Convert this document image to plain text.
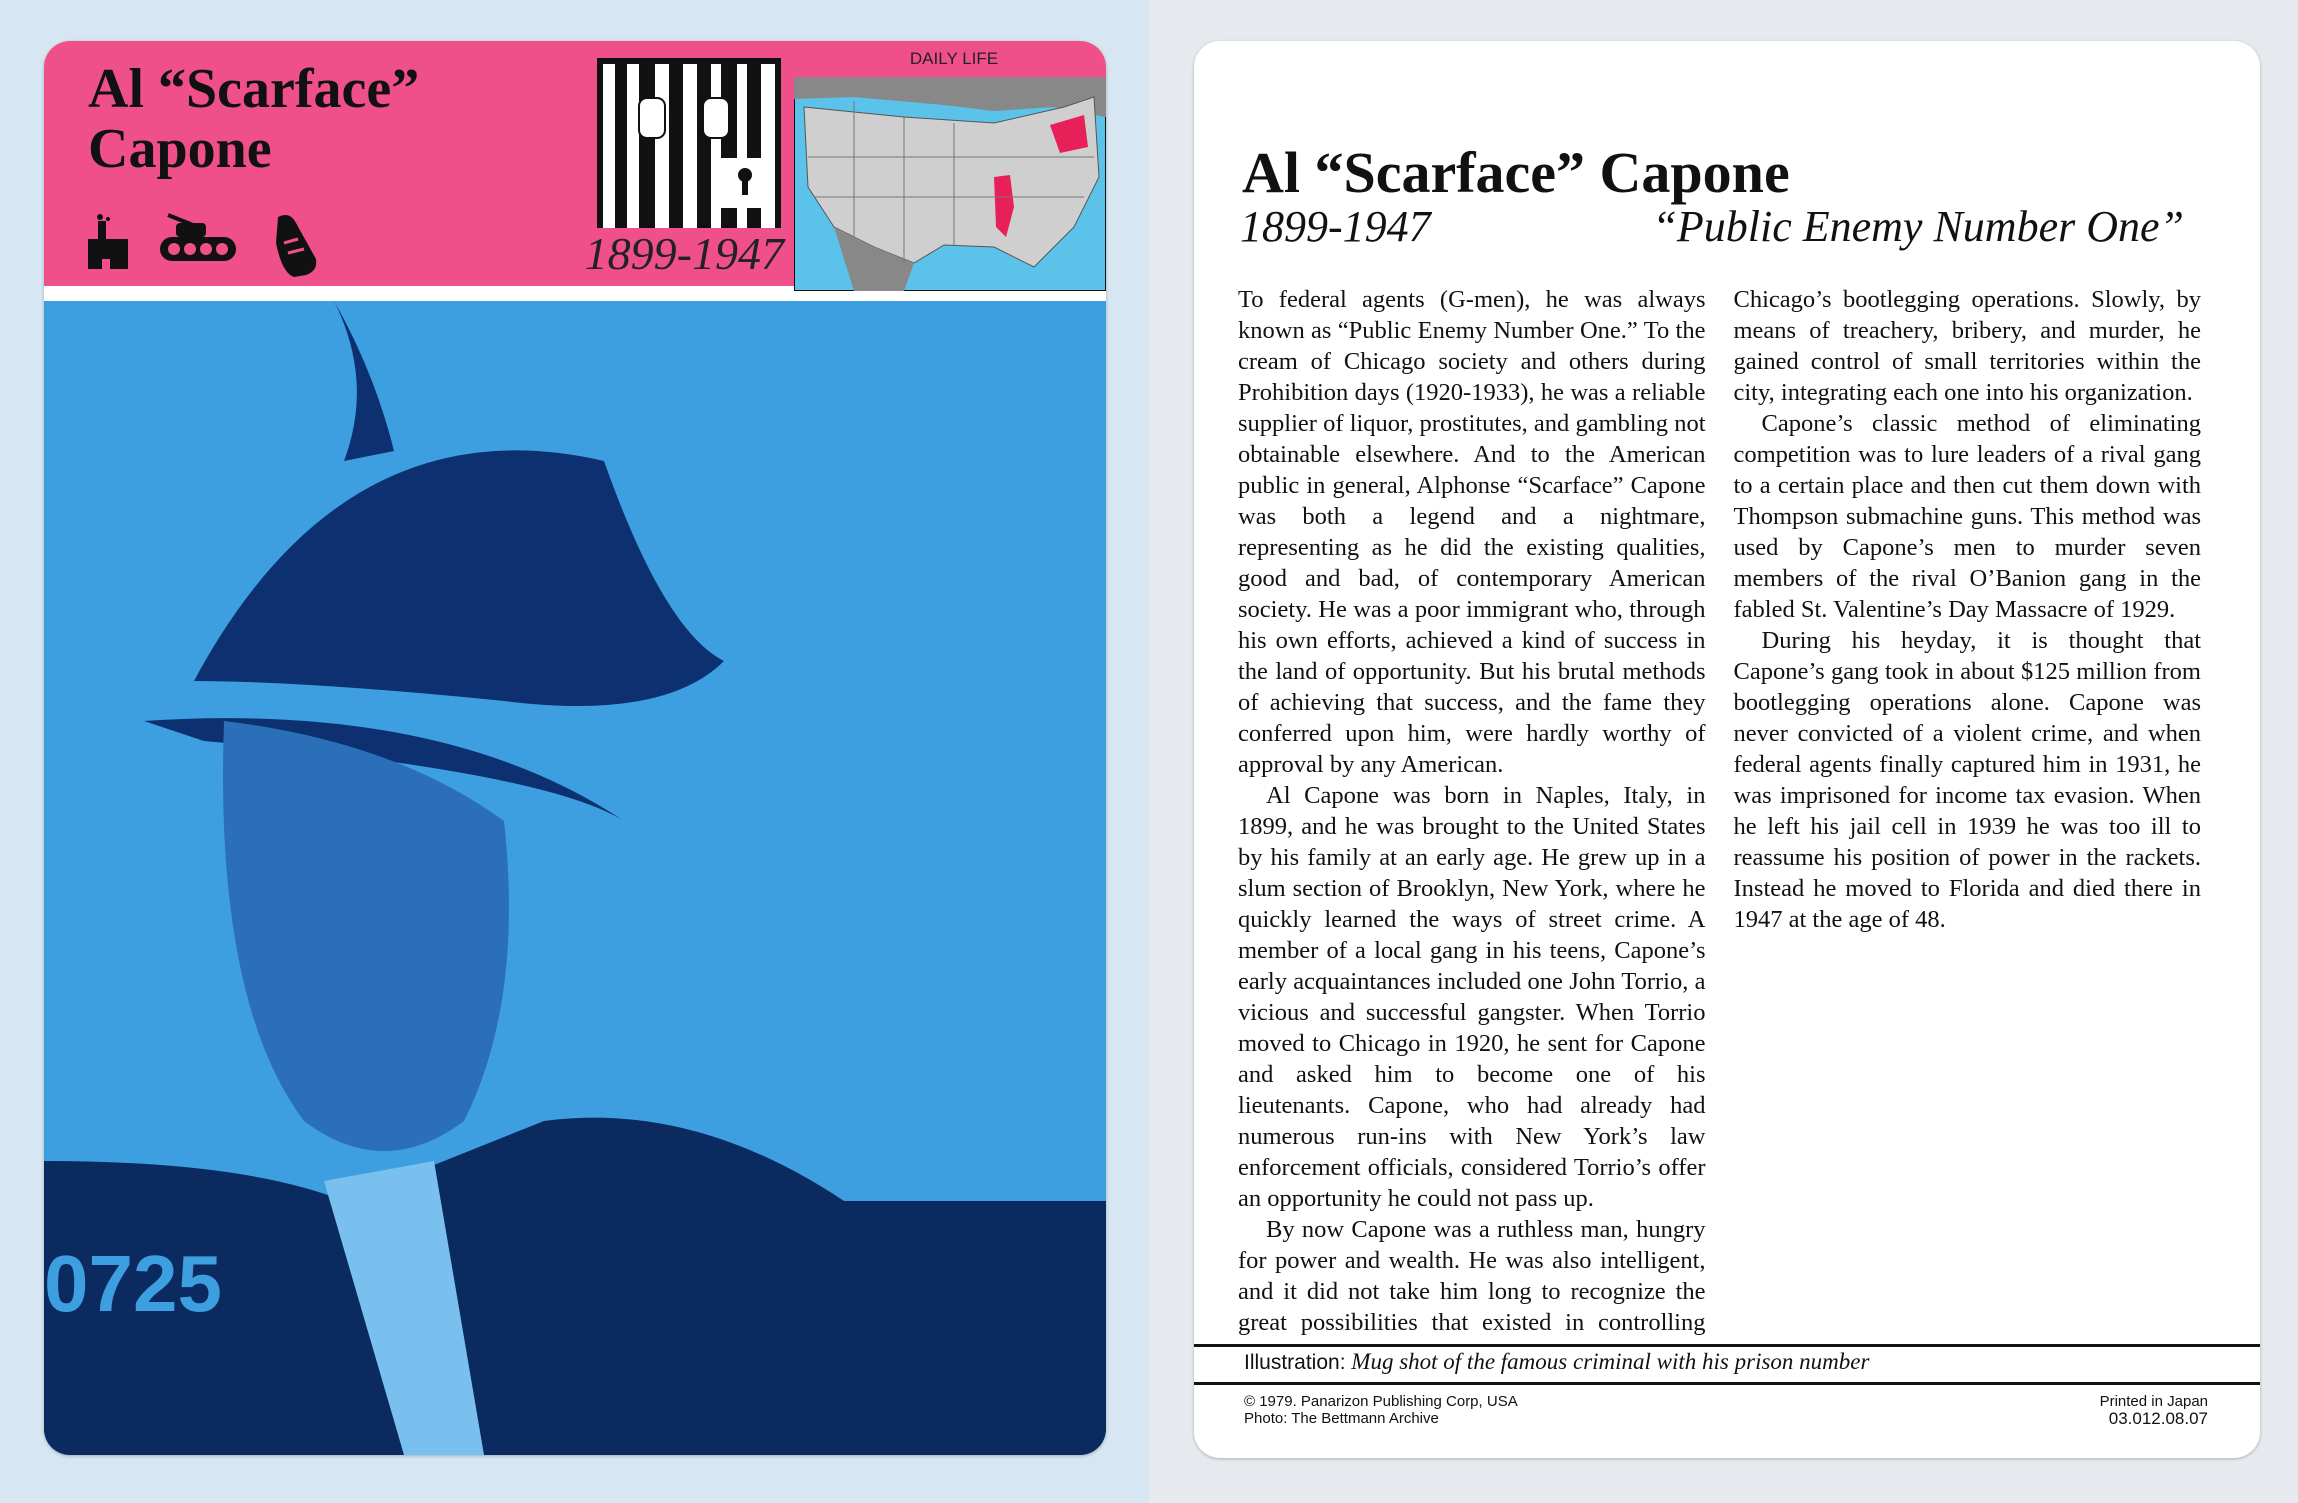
Al “Scarface”
Capone
1899-1947
DAILY LIFE
0725
Al “Scarface” Capone
1899-1947	“Public Enemy Number One”

To federal agents (G-men), he was always known as “Public Enemy Number One.” To the cream of Chicago society and others during Prohibition days (1920-1933), he was a reliable supplier of liquor, prostitutes, and gambling not obtainable elsewhere. And to the American public in general, Alphonse “Scarface” Capone was both a legend and a nightmare, representing as he did the existing qualities, good and bad, of contemporary American society. He was a poor immigrant who, through his own efforts, achieved a kind of success in the land of opportunity. But his brutal methods of achieving that success, and the fame they conferred upon him, were hardly worthy of approval by any American.

Al Capone was born in Naples, Italy, in 1899, and he was brought to the United States by his family at an early age. He grew up in a slum section of Brooklyn, New York, where he quickly learned the ways of street crime. A member of a local gang in his teens, Capone’s early acquaintances included one John Torrio, a vicious and successful gangster. When Torrio moved to Chicago in 1920, he sent for Capone and asked him to become one of his lieutenants. Capone, who had already had numerous run-ins with New York’s law enforcement officials, considered Torrio’s offer an opportunity he could not pass up.

By now Capone was a ruthless man, hungry for power and wealth. He was also intelligent, and it did not take him long to recognize the great possibilities that existed in controlling Chicago’s bootlegging operations. Slowly, by means of treachery, bribery, and murder, he gained control of small territories within the city, integrating each one into his organization.

Capone’s classic method of eliminating competition was to lure leaders of a rival gang to a certain place and then cut them down with Thompson submachine guns. This method was used by Capone’s men to murder seven members of the rival O’Banion gang in the fabled St. Valentine’s Day Massacre of 1929.

During his heyday, it is thought that Capone’s gang took in about $125 million from bootlegging operations alone. Capone was never convicted of a violent crime, and when federal agents finally captured him in 1931, he was imprisoned for income tax evasion. When he left his jail cell in 1939 he was too ill to reassume his position of power in the rackets. Instead he moved to Florida and died there in 1947 at the age of 48.

Illustration: Mug shot of the famous criminal with his prison number
© 1979. Panarizon Publishing Corp, USA
Photo: The Bettmann Archive
Printed in Japan
03.012.08.07
